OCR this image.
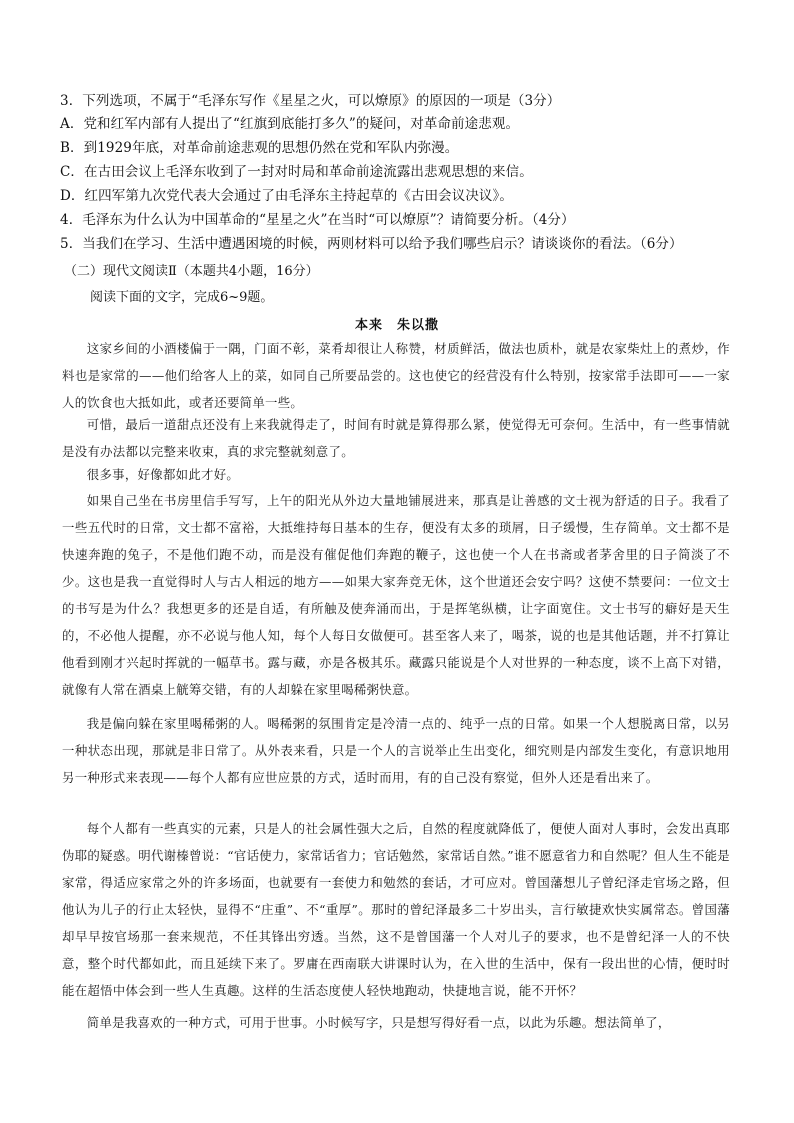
3．下列选项，不属于“毛泽东写作《星星之火，可以燎原》的原因的一项是（3分）
A．党和红军内部有人提出了“红旗到底能打多久”的疑问，对革命前途悲观。
B．到1929年底，对革命前途悲观的思想仍然在党和军队内弥漫。
C．在古田会议上毛泽东收到了一封对时局和革命前途流露出悲观思想的来信。
D．红四军第九次党代表大会通过了由毛泽东主持起草的《古田会议决议》。
4．毛泽东为什么认为中国革命的“星星之火”在当时“可以燎原”？请简要分析。（4分）
5．当我们在学习、生活中遭遇困境的时候，两则材料可以给予我们哪些启示？请谈谈你的看法。（6分）
（二）现代文阅读Ⅱ（本题共4小题，16分）
阅读下面的文字，完成6~9题。
本来　朱以撒

这家乡间的小酒楼偏于一隅，门面不彰，菜肴却很让人称赞，材质鲜活，做法也质朴，就是农家柴灶上的煮炒，作料也是家常的——他们给客人上的菜，如同自己所要品尝的。这也使它的经营没有什么特别，按家常手法即可——一家人的饮食也大抵如此，或者还要简单一些。

可惜，最后一道甜点还没有上来我就得走了，时间有时就是算得那么紧，使觉得无可奈何。生活中，有一些事情就是没有办法都以完整来收束，真的求完整就刻意了。

很多事，好像都如此才好。

如果自己坐在书房里信手写写，上午的阳光从外边大量地铺展进来，那真是让善感的文士视为舒适的日子。我看了一些五代时的日常，文士都不富裕，大抵维持每日基本的生存，便没有太多的琐屑，日子缓慢，生存简单。文士都不是快速奔跑的兔子，不是他们跑不动，而是没有催促他们奔跑的鞭子，这也使一个人在书斋或者茅舍里的日子简淡了不少。这也是我一直觉得时人与古人相远的地方——如果大家奔竞无休，这个世道还会安宁吗？这使不禁要问：一位文士的书写是为什么？我想更多的还是自适，有所触及使奔涌而出，于是挥笔纵横，让字面宽住。文士书写的癖好是天生的，不必他人提醒，亦不必说与他人知，每个人每日女做便可。甚至客人来了，喝茶，说的也是其他话题，并不打算让他看到刚才兴起时挥就的一幅草书。露与藏，亦是各极其乐。藏露只能说是个人对世界的一种态度，谈不上高下对错，就像有人常在酒桌上觥筹交错，有的人却躲在家里喝稀粥快意。

我是偏向躲在家里喝稀粥的人。喝稀粥的氛围肯定是冷清一点的、纯乎一点的日常。如果一个人想脱离日常，以另一种状态出现，那就是非日常了。从外表来看，只是一个人的言说举止生出变化，细究则是内部发生变化，有意识地用另一种形式来表现——每个人都有应世应景的方式，适时而用，有的自己没有察觉，但外人还是看出来了。

每个人都有一些真实的元素，只是人的社会属性强大之后，自然的程度就降低了，便使人面对人事时，会发出真耶伪耶的疑惑。明代谢榛曾说：“官话使力，家常话省力；官话勉然，家常话自然。”谁不愿意省力和自然呢？但人生不能是家常，得适应家常之外的许多场面，也就要有一套使力和勉然的套话，才可应对。曾国藩想儿子曾纪泽走官场之路，但他认为儿子的行止太轻快，显得不“庄重”、不“重厚”。那时的曾纪泽最多二十岁出头，言行敏捷欢快实属常态。曾国藩却早早按官场那一套来规范，不任其锋出穷透。当然，这不是曾国藩一个人对儿子的要求，也不是曾纪泽一人的不快意，整个时代都如此，而且延续下来了。罗庸在西南联大讲课时认为，在入世的生活中，保有一段出世的心情，便时时能在超悟中体会到一些人生真趣。这样的生活态度使人轻快地跑动，快捷地言说，能不开怀？

简单是我喜欢的一种方式，可用于世事。小时候写字，只是想写得好看一点，以此为乐趣。想法简单了，
